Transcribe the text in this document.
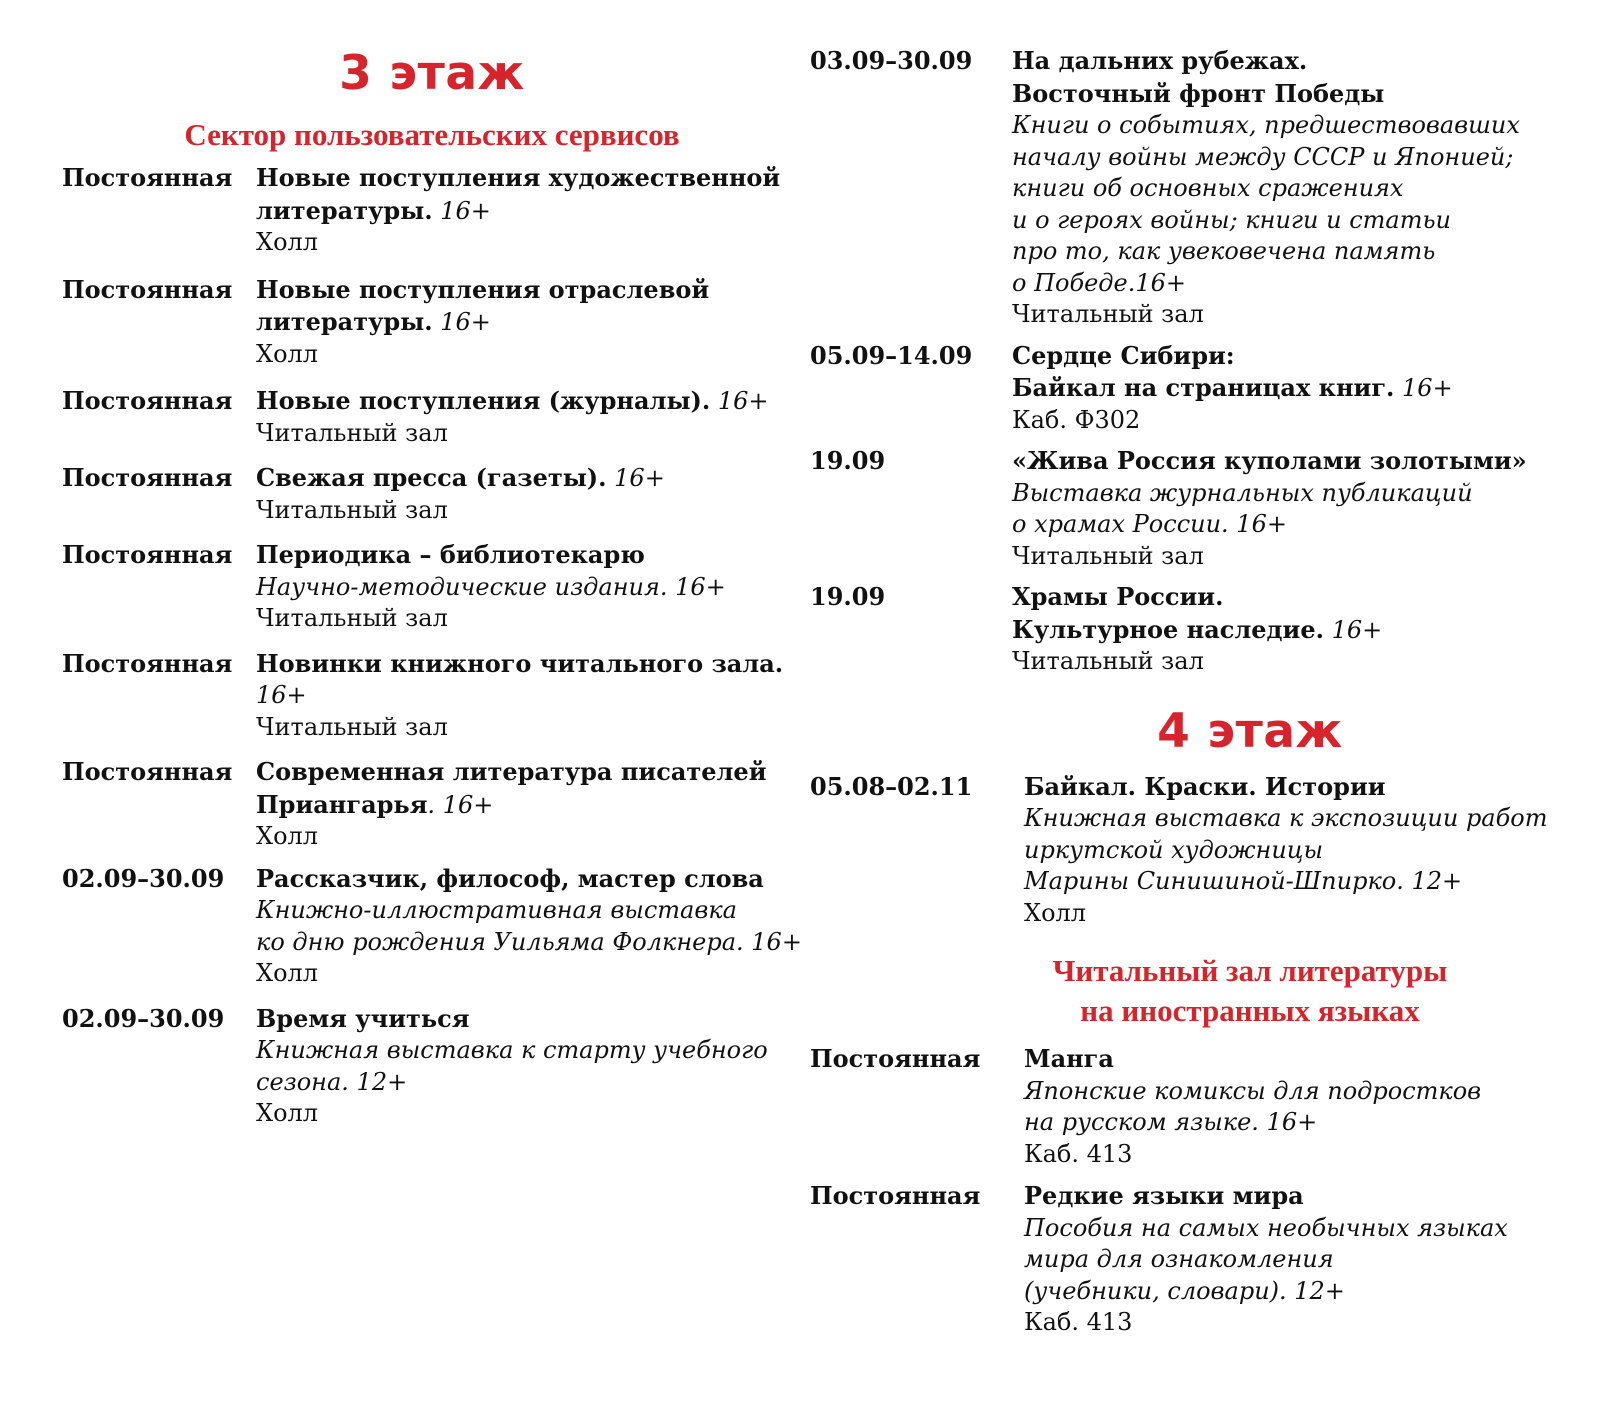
3 этаж
Сектор пользовательских сервисов
Постоянная Новые поступления художественной литературы. 16+
Холл
Постоянная Новые поступления отраслевой литературы. 16+
Холл
Постоянная Новые поступления (журналы). 16+
Читальный зал
Постоянная Свежая пресса (газеты). 16+
Читальный зал
Постоянная Периодика – библиотекарю
Научно-методические издания. 16+
Читальный зал
Постоянная Новинки книжного читального зала.
16+
Читальный зал
Постоянная Современная литература писателей Приангарья. 16+
Холл
02.09–30.09	Рассказчик, философ, мастер слова
Книжно-иллюстративная выставка
ко дню рождения Уильяма Фолкнера. 16+
Холл
02.09–30.09	Время учиться
Книжная выставка к старту учебного
сезона. 12+
Холл
03.09–30.09	На дальних рубежах.
Восточный фронт Победы
Книги о событиях, предшествовавших
началу войны между СССР и Японией;
книги об основных сражениях
и о героях войны; книги и статьи
про то, как увековечена память
о Победе.16+
Читальный зал
05.09–14.09	Сердце Сибири:
Байкал на страницах книг. 16+
Каб. Ф302
19.09	«Жива Россия куполами золотыми»
Выставка журнальных публикаций
о храмах России. 16+
Читальный зал
19.09	Храмы России.
Культурное наследие. 16+
Читальный зал
4 этаж
05.08–02.11	Байкал. Краски. Истории
Книжная выставка к экспозиции работ
иркутской художницы
Марины Синишиной-Шпирко. 12+
Холл
Читальный зал литературы
на иностранных языках
Постоянная	Манга
Японские комиксы для подростков
на русском языке. 16+
Каб. 413
Постоянная	Редкие языки мира
Пособия на самых необычных языках
мира для ознакомления
(учебники, словари). 12+
Каб. 413
